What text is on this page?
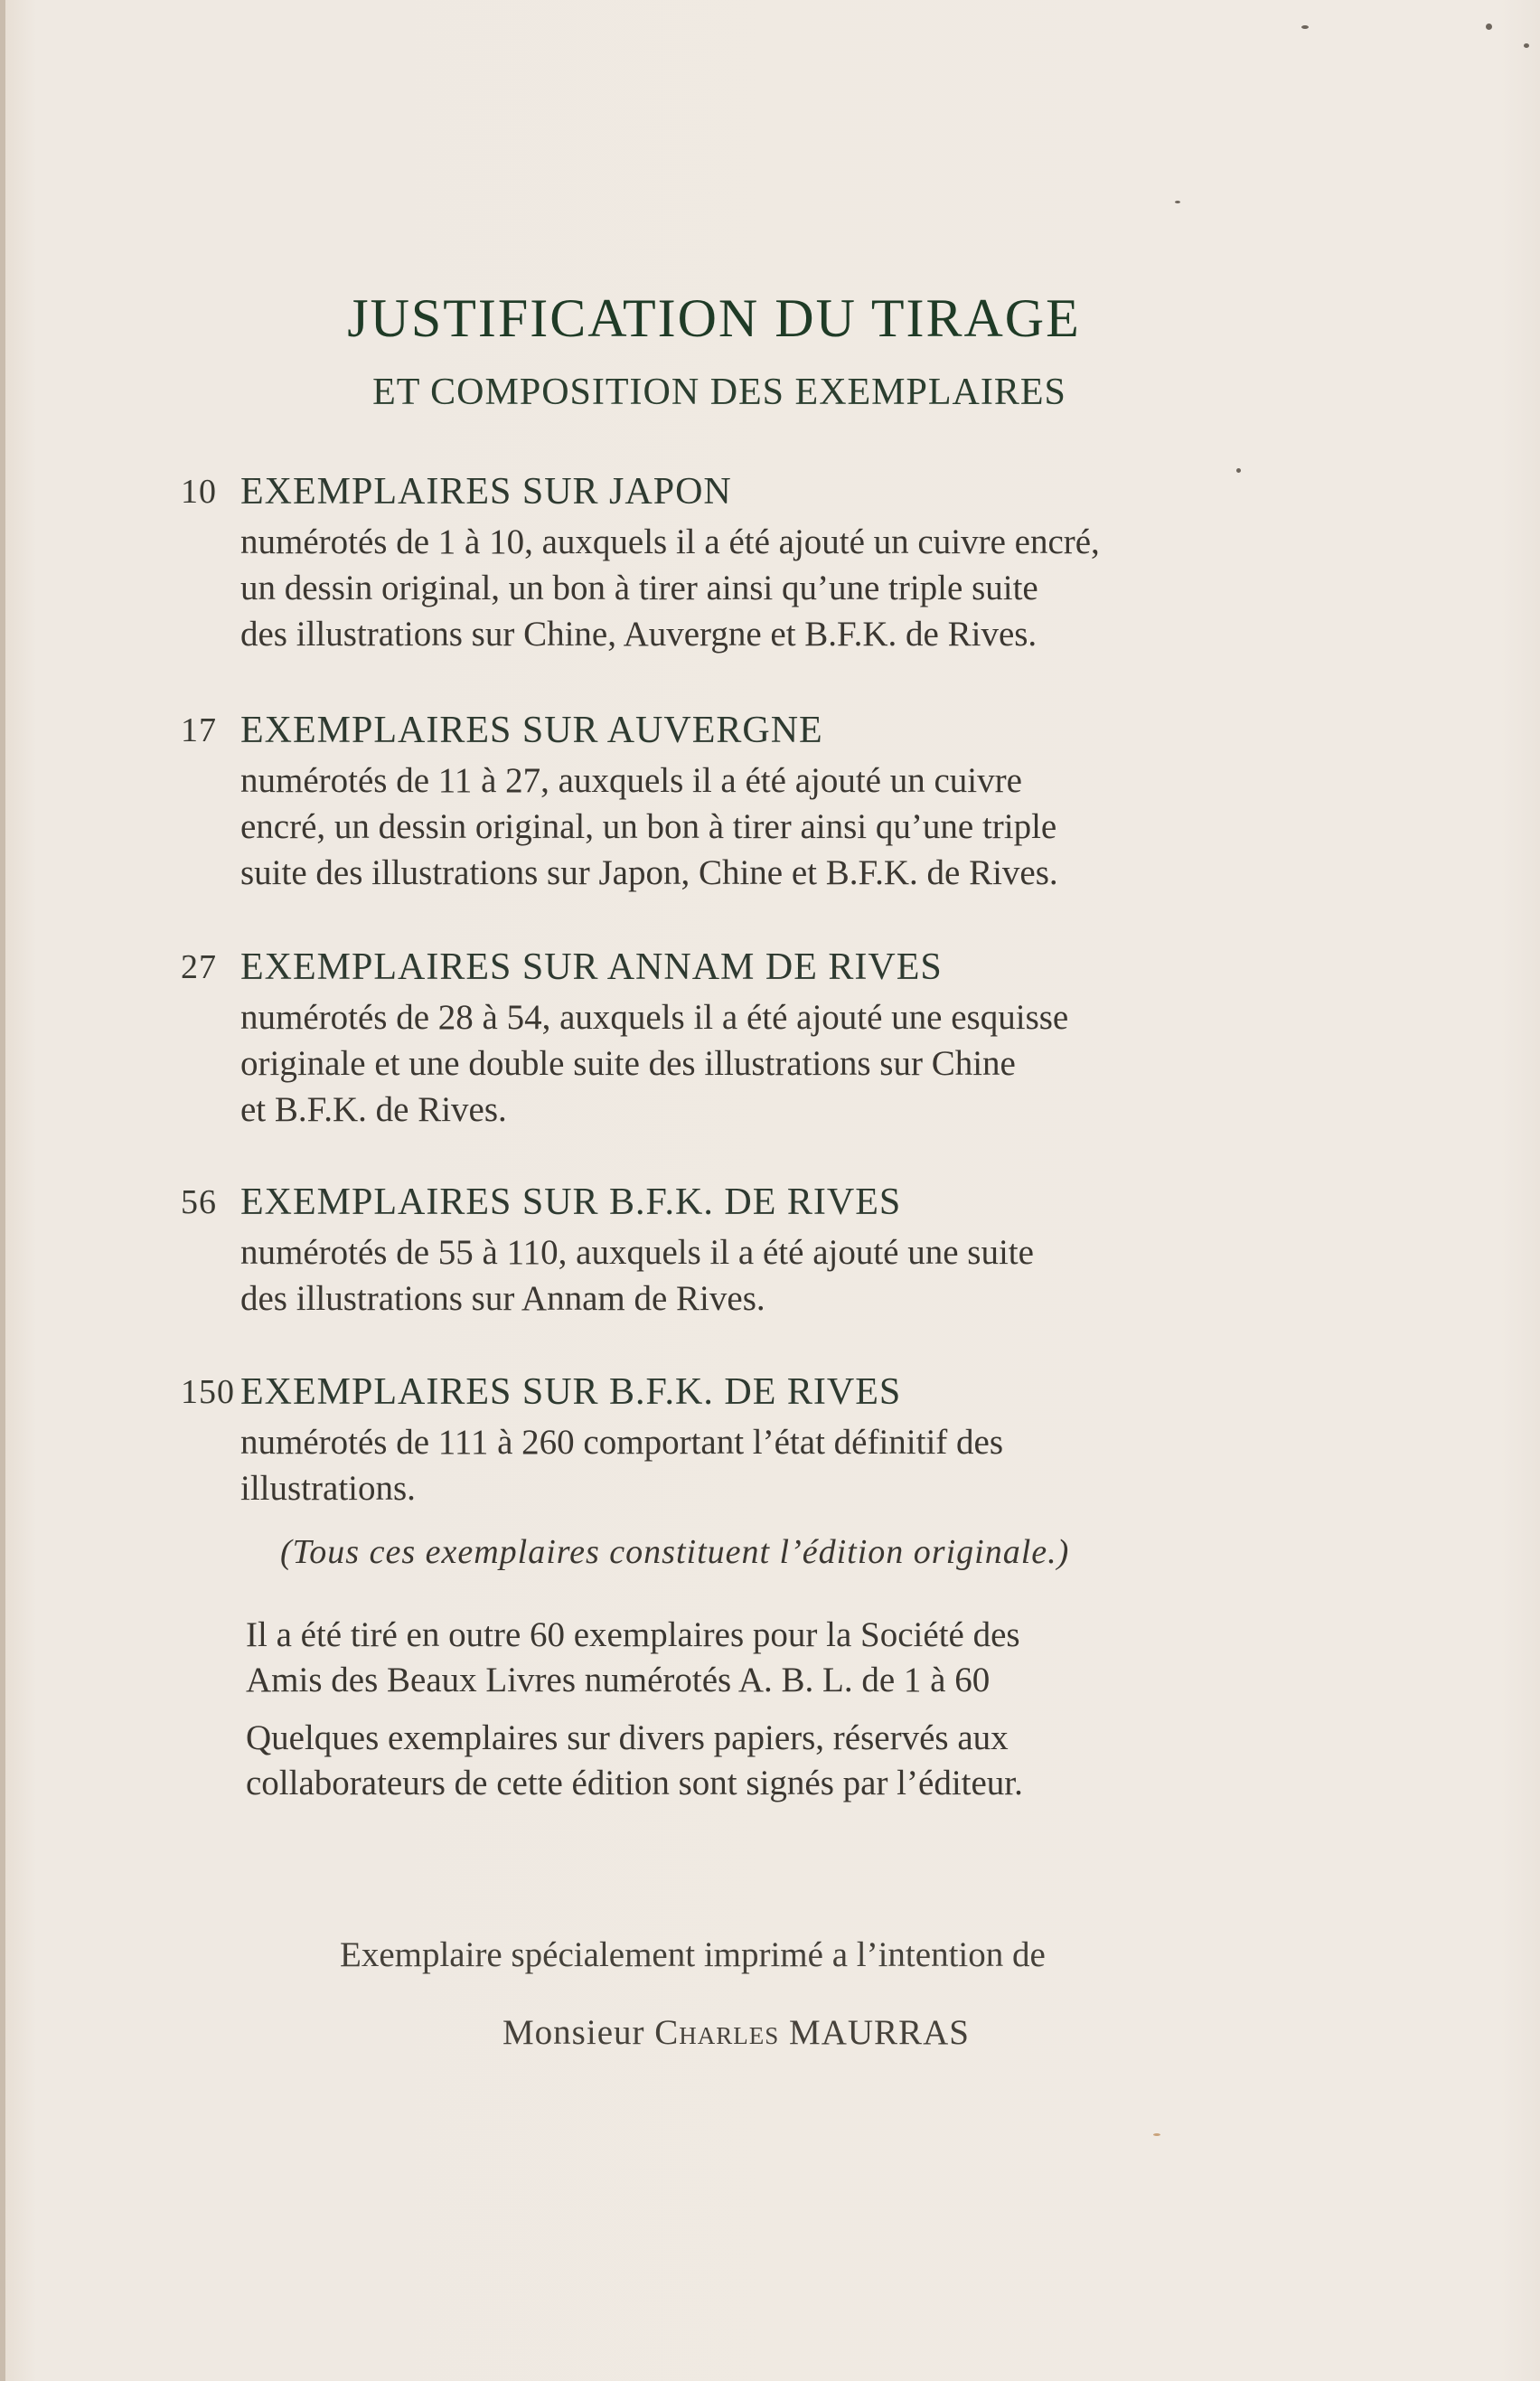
JUSTIFICATION DU TIRAGE
ET COMPOSITION DES EXEMPLAIRES
10 EXEMPLAIRES SUR JAPON
numérotés de 1 à 10, auxquels il a été ajouté un cuivre encré,
un dessin original, un bon à tirer ainsi qu’une triple suite
des illustrations sur Chine, Auvergne et B.F.K. de Rives.
17 EXEMPLAIRES SUR AUVERGNE
numérotés de 11 à 27, auxquels il a été ajouté un cuivre
encré, un dessin original, un bon à tirer ainsi qu’une triple
suite des illustrations sur Japon, Chine et B.F.K. de Rives.
27 EXEMPLAIRES SUR ANNAM DE RIVES
numérotés de 28 à 54, auxquels il a été ajouté une esquisse
originale et une double suite des illustrations sur Chine
et B.F.K. de Rives.
56 EXEMPLAIRES SUR B.F.K. DE RIVES
numérotés de 55 à 110, auxquels il a été ajouté une suite
des illustrations sur Annam de Rives.
150 EXEMPLAIRES SUR B.F.K. DE RIVES
numérotés de 111 à 260 comportant l’état définitif des
illustrations.
(Tous ces exemplaires constituent l’édition originale.)
Il a été tiré en outre 60 exemplaires pour la Société des
Amis des Beaux Livres numérotés A. B. L. de 1 à 60
Quelques exemplaires sur divers papiers, réservés aux
collaborateurs de cette édition sont signés par l’éditeur.
Exemplaire spécialement imprimé a l’intention de
Monsieur Charles MAURRAS
